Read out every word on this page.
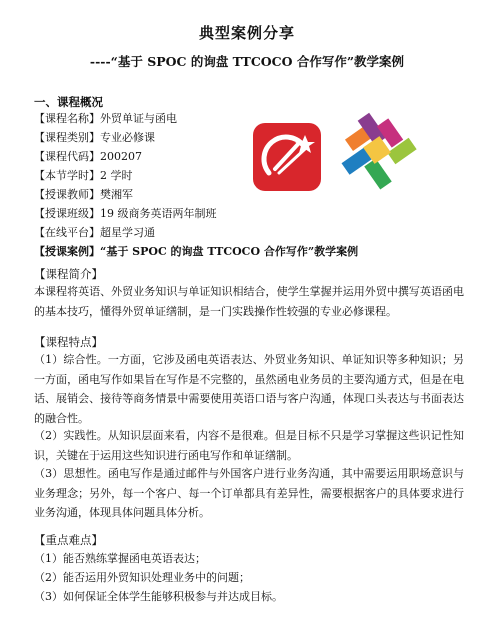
典型案例分享
----“基于 SPOC 的询盘 TTCOCO 合作写作”教学案例
一、课程概况
【课程名称】外贸单证与函电
【课程类别】专业必修课
【课程代码】200207
【本节学时】2 学时
【授课教师】樊湘军
【授课班级】19 级商务英语两年制班
【在线平台】超星学习通
【授课案例】“基于 SPOC 的询盘 TTCOCO 合作写作”教学案例
【课程简介】
本课程将英语、外贸业务知识与单证知识相结合，使学生掌握并运用外贸中撰写英语函电的基本技巧，懂得外贸单证缮制，是一门实践操作性较强的专业必修课程。
【课程特点】
（1）综合性。一方面，它涉及函电英语表达、外贸业务知识、单证知识等多种知识；另一方面，函电写作如果旨在写作是不完整的，虽然函电业务员的主要沟通方式，但是在电话、展销会、接待等商务情景中需要使用英语口语与客户沟通，体现口头表达与书面表达的融合性。
（2）实践性。从知识层面来看，内容不是很难。但是目标不只是学习掌握这些识记性知识，关键在于运用这些知识进行函电写作和单证缮制。
（3）思想性。函电写作是通过邮件与外国客户进行业务沟通，其中需要运用职场意识与业务理念；另外，每一个客户、每一个订单都具有差异性，需要根据客户的具体要求进行业务沟通，体现具体问题具体分析。
【重点难点】
（1）能否熟练掌握函电英语表达；
（2）能否运用外贸知识处理业务中的问题；
（3）如何保证全体学生能够积极参与并达成目标。
